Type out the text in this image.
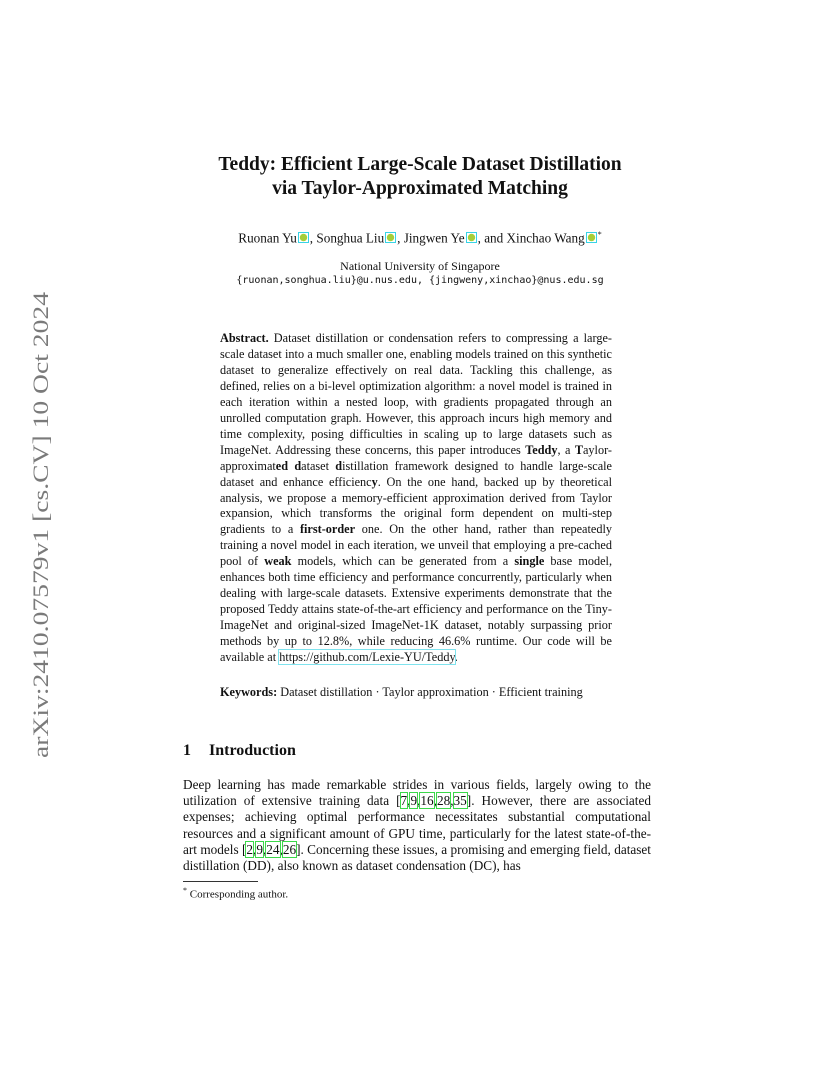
arXiv:2410.07579v1 [cs.CV] 10 Oct 2024
Teddy: Efficient Large-Scale Dataset Distillation
via Taylor-Approximated Matching
Ruonan Yu , Songhua Liu , Jingwen Ye , and Xinchao Wang *
National University of Singapore
{ruonan,songhua.liu}@u.nus.edu, {jingweny,xinchao}@nus.edu.sg
Abstract. Dataset distillation or condensation refers to compressing a large-scale dataset into a much smaller one, enabling models trained on this synthetic dataset to generalize effectively on real data. Tackling this challenge, as defined, relies on a bi-level optimization algorithm: a novel model is trained in each iteration within a nested loop, with gradients propagated through an unrolled computation graph. However, this approach incurs high memory and time complexity, posing difficulties in scaling up to large datasets such as ImageNet. Addressing these concerns, this paper introduces Teddy, a Taylor-approximated dataset distillation framework designed to handle large-scale dataset and enhance efficiency. On the one hand, backed up by theoretical analysis, we propose a memory-efficient approximation derived from Taylor expansion, which transforms the original form dependent on multi-step gradients to a first-order one. On the other hand, rather than repeatedly training a novel model in each iteration, we unveil that employing a pre-cached pool of weak models, which can be generated from a single base model, enhances both time efficiency and performance concurrently, particularly when dealing with large-scale datasets. Extensive experiments demonstrate that the proposed Teddy attains state-of-the-art efficiency and performance on the Tiny-ImageNet and original-sized ImageNet-1K dataset, notably surpassing prior methods by up to 12.8%, while reducing 46.6% runtime. Our code will be available at https://github.com/Lexie-YU/Teddy.
Keywords: Dataset distillation · Taylor approximation · Efficient training
1 Introduction
Deep learning has made remarkable strides in various fields, largely owing to the utilization of extensive training data [7,9,16,28,35]. However, there are associated expenses; achieving optimal performance necessitates substantial computational resources and a significant amount of GPU time, particularly for the latest state-of-the-art models [2,9,24,26]. Concerning these issues, a promising and emerging field, dataset distillation (DD), also known as dataset condensation (DC), has
* Corresponding author.
